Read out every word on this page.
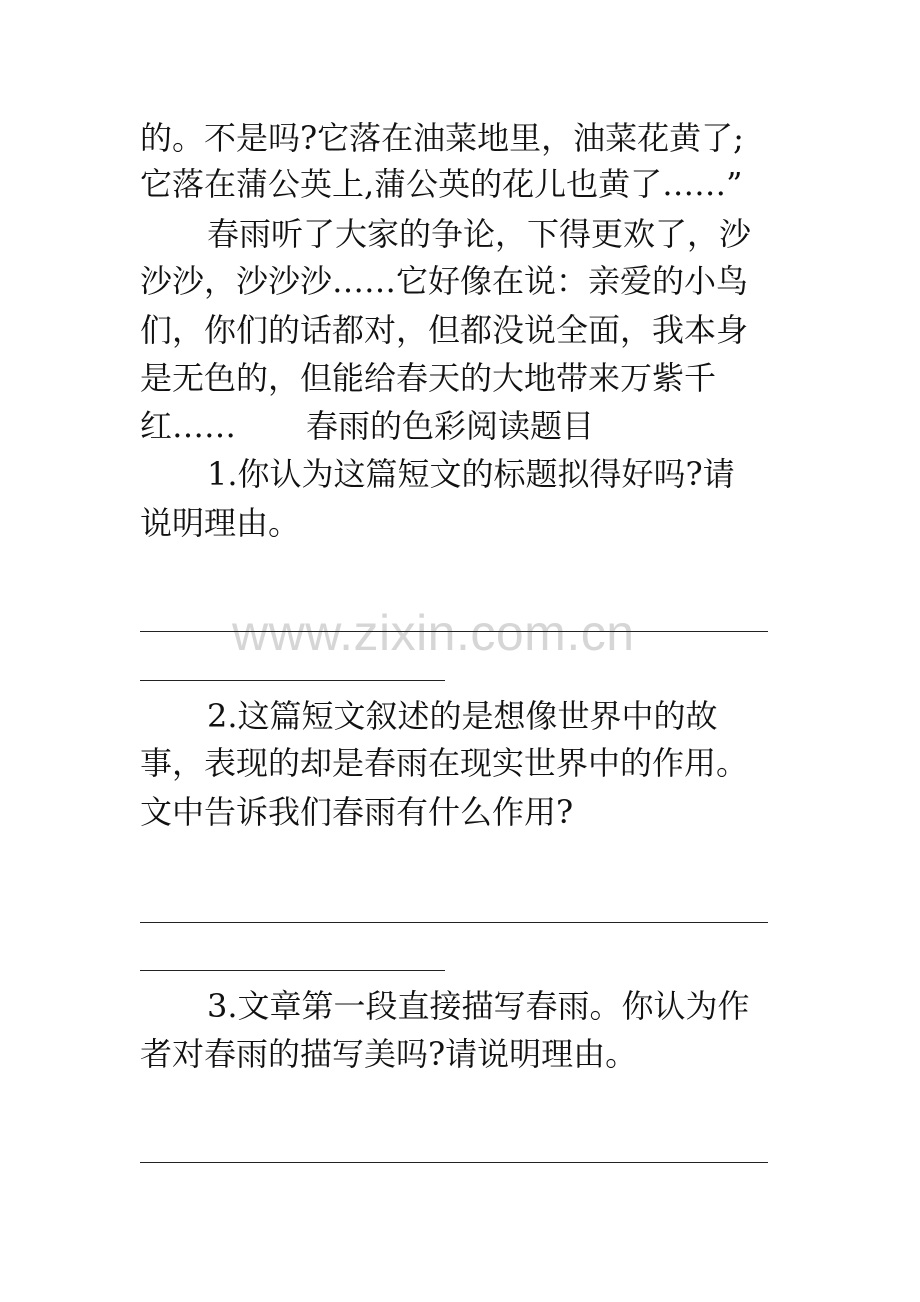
的。不是吗?它落在油菜地里，油菜花黄了;
它落在蒲公英上,蒲公英的花儿也黄了……”
春雨听了大家的争论，下得更欢了，沙
沙沙，沙沙沙……它好像在说：亲爱的小鸟
们，你们的话都对，但都没说全面，我本身
是无色的，但能给春天的大地带来万紫千
红…… 春雨的色彩阅读题目
1.你认为这篇短文的标题拟得好吗?请
说明理由。
www.zixin.com.cn
2.这篇短文叙述的是想像世界中的故
事，表现的却是春雨在现实世界中的作用。
文中告诉我们春雨有什么作用?
3.文章第一段直接描写春雨。你认为作
者对春雨的描写美吗?请说明理由。
